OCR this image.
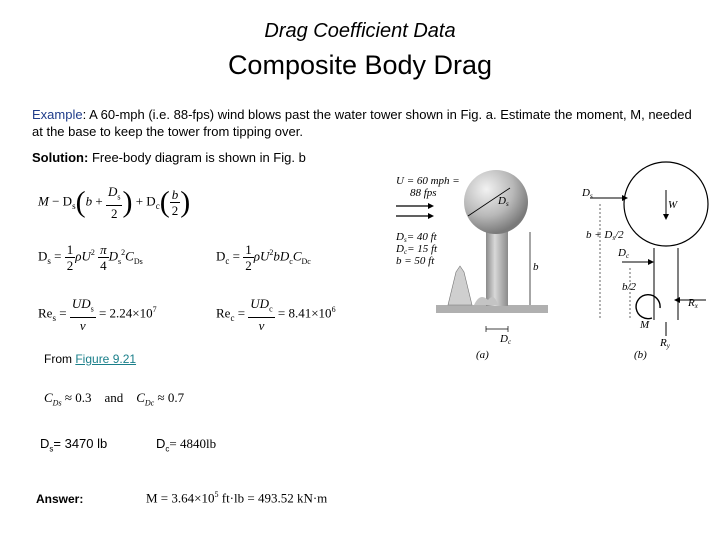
Drag Coefficient Data
Composite Body Drag
Example: A 60-mph (i.e. 88-fps) wind blows past the water tower shown in Fig. a. Estimate the moment, M, needed at the base to keep the tower from tipping over.
Solution: Free-body diagram is shown in Fig. b
$M - D_s(b + \frac{D_s}{2}$ ) + $D_c( \frac{b}{2}$ )
$D_s = \frac{1}{2} \rho U^2 \frac{\pi}{4} D_s^2C_{Ds}$	$D_c = \frac{1}{2} \rho U^2bD_cC_{Dc}$
$Re_s = \frac{UD_s}{\nu} = 2.24\times 10^7$	$Re_c = \frac{UD_c}{\nu} = 8.41\times 10^6$
From Figure 9.21
$C_{Ds} \approx 0.3$ and $C_{Dc} \approx 0.7$
$D_s= 3470$ lb	$D_c= 4840lb$
Answer:	$M = 3.64\times 10^5$ ft·lb = 493.52 kN·m
U = 60 mph =
88 fps
Ds
Ds= 40 ft
Dc= 15 ft
b = 50 ft	b
Dc
(a)
Ds
W
Dc
b + Ds/2
b/2
Rx
M
Ry
(b)
